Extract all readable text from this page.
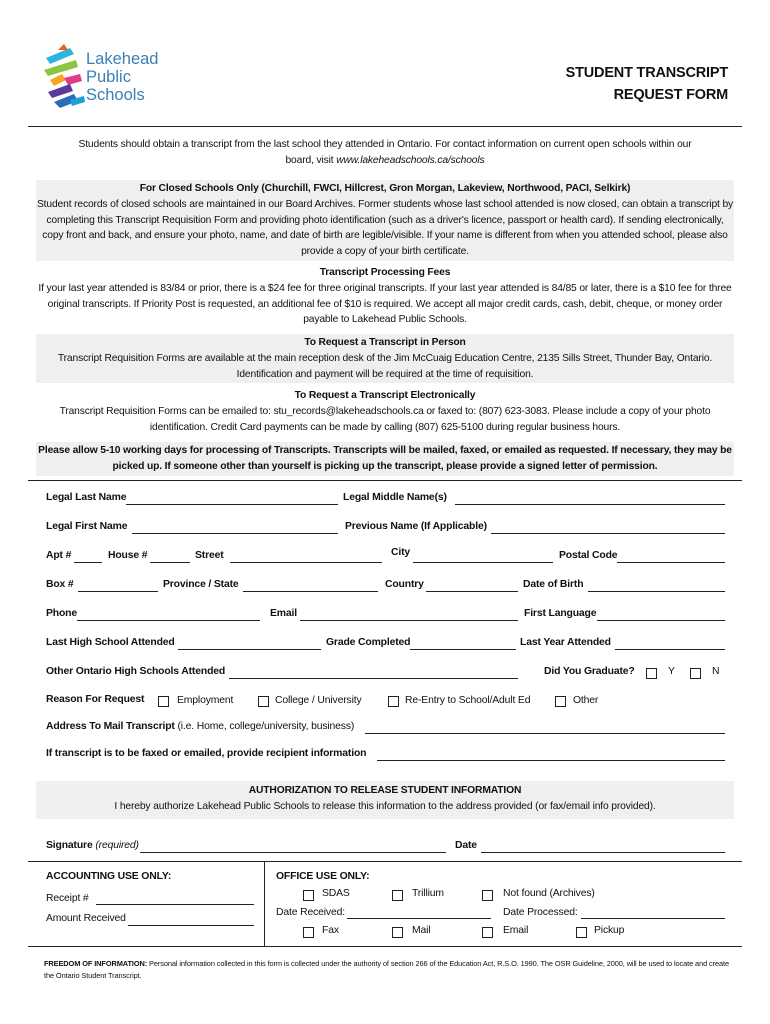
Lakehead
Public
Schools
STUDENT TRANSCRIPT
REQUEST FORM
Students should obtain a transcript from the last school they attended in Ontario. For contact information on current open schools within our
board, visit www.lakeheadschools.ca/schools
For Closed Schools Only (Churchill, FWCI, Hillcrest, Gron Morgan, Lakeview, Northwood, PACI, Selkirk)
Student records of closed schools are maintained in our Board Archives. Former students whose last school attended is now closed, can obtain a transcript by completing this Transcript Requisition Form and providing photo identification (such as a driver's licence, passport or health card). If sending electronically, copy front and back, and ensure your photo, name, and date of birth are legible/visible. If your name is different from when you attended school, please also provide a copy of your birth certificate.
Transcript Processing Fees
If your last year attended is 83/84 or prior, there is a $24 fee for three original transcripts. If your last year attended is 84/85 or later, there is a $10 fee for three original transcripts. If Priority Post is requested, an additional fee of $10 is required. We accept all major credit cards, cash, debit, cheque, or money order payable to Lakehead Public Schools.
To Request a Transcript in Person
Transcript Requisition Forms are available at the main reception desk of the Jim McCuaig Education Centre, 2135 Sills Street, Thunder Bay, Ontario. Identification and payment will be required at the time of requisition.
To Request a Transcript Electronically
Transcript Requisition Forms can be emailed to: stu_records@lakeheadschools.ca or faxed to: (807) 623-3083. Please include a copy of your photo identification. Credit Card payments can be made by calling (807) 625-5100 during regular business hours.
Please allow 5-10 working days for processing of Transcripts. Transcripts will be mailed, faxed, or emailed as requested. If necessary, they may be picked up. If someone other than yourself is picking up the transcript, please provide a signed letter of permission.
Legal Last Name	Legal Middle Name(s)
Legal First Name	Previous Name (If Applicable)
Apt #	House #	Street	City	Postal Code
Box #	Province / State	Country	Date of Birth
Phone	Email	First Language
Last High School Attended	Grade Completed	Last Year Attended
Other Ontario High Schools Attended	Did You Graduate?	Y	N
Reason For Request	Employment	College / University	Re-Entry to School/Adult Ed	Other
Address To Mail Transcript (i.e. Home, college/university, business)
If transcript is to be faxed or emailed, provide recipient information
AUTHORIZATION TO RELEASE STUDENT INFORMATION
I hereby authorize Lakehead Public Schools to release this information to the address provided (or fax/email info provided).
Signature (required)	Date
ACCOUNTING USE ONLY:
Receipt #
Amount Received
OFFICE USE ONLY:
SDAS	Trillium	Not found (Archives)
Date Received:	Date Processed:
Fax	Mail	Email	Pickup
FREEDOM OF INFORMATION: Personal information collected in this form is collected under the authority of section 266 of the Education Act, R.S.O. 1990. The OSR Guideline, 2000, will be used to locate and create the Ontario Student Transcript.
